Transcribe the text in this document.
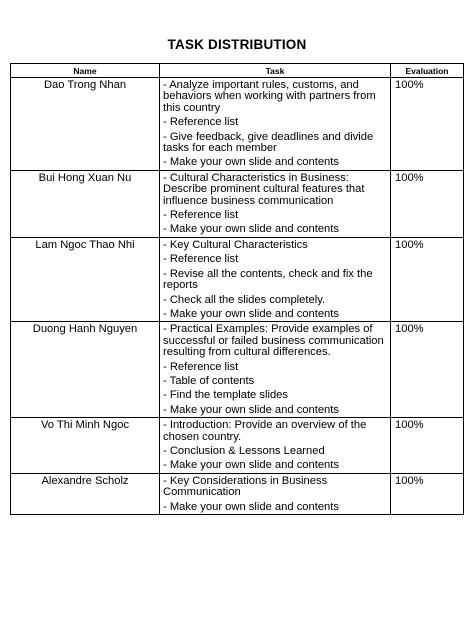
TASK DISTRIBUTION
Name	Task	Evaluation
Dao Trong Nhan	- Analyze important rules, customs, and behaviors when working with partners from this country
- Reference list
- Give feedback, give deadlines and divide tasks for each member
- Make your own slide and contents	100%
Bui Hong Xuan Nu	- Cultural Characteristics in Business: Describe prominent cultural features that influence business communication
- Reference list
- Make your own slide and contents	100%
Lam Ngoc Thao Nhi	- Key Cultural Characteristics
- Reference list
- Revise all the contents, check and fix the reports
- Check all the slides completely.
- Make your own slide and contents	100%
Duong Hanh Nguyen	- Practical Examples: Provide examples of successful or failed business communication resulting from cultural differences.
- Reference list
- Table of contents
- Find the template slides
- Make your own slide and contents	100%
Vo Thi Minh Ngoc	- Introduction: Provide an overview of the chosen country.
- Conclusion & Lessons Learned
- Make your own slide and contents	100%
Alexandre Scholz	- Key Considerations in Business Communication
- Make your own slide and contents	100%
